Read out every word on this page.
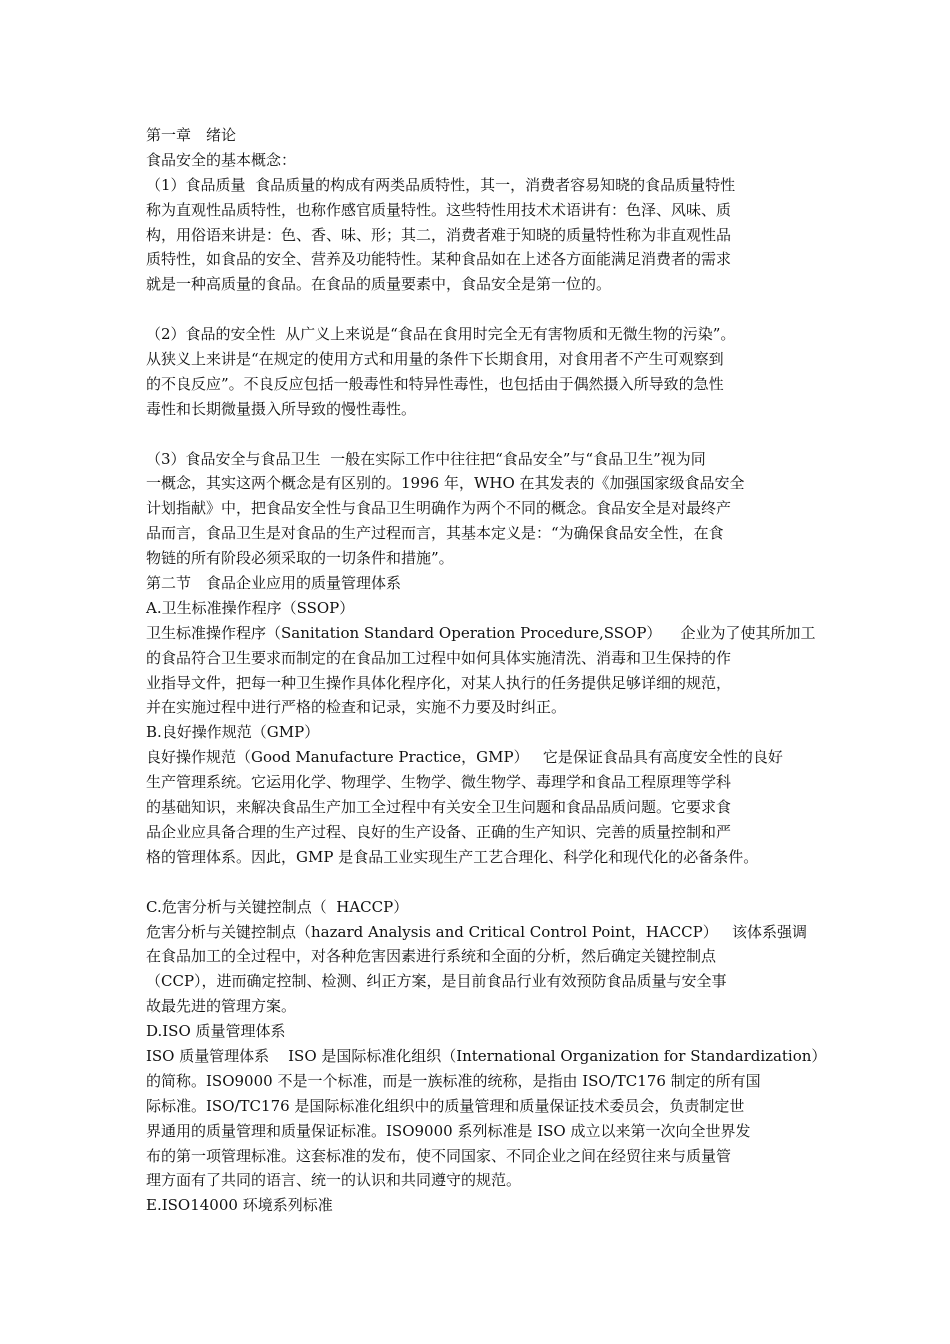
第一章　绪论
食品安全的基本概念：
（1）食品质量  食品质量的构成有两类品质特性，其一，消费者容易知晓的食品质量特性
称为直观性品质特性，也称作感官质量特性。这些特性用技术术语讲有：色泽、风味、质
构，用俗语来讲是：色、香、味、形；其二，消费者难于知晓的质量特性称为非直观性品
质特性，如食品的安全、营养及功能特性。某种食品如在上述各方面能满足消费者的需求
就是一种高质量的食品。在食品的质量要素中，食品安全是第一位的。
（2）食品的安全性  从广义上来说是“食品在食用时完全无有害物质和无微生物的污染”。
从狭义上来讲是“在规定的使用方式和用量的条件下长期食用，对食用者不产生可观察到
的不良反应”。不良反应包括一般毒性和特异性毒性，也包括由于偶然摄入所导致的急性
毒性和长期微量摄入所导致的慢性毒性。
（3）食品安全与食品卫生  一般在实际工作中往往把“食品安全”与“食品卫生”视为同
一概念，其实这两个概念是有区别的。1996 年，WHO 在其发表的《加强国家级食品安全
计划指献》中，把食品安全性与食品卫生明确作为两个不同的概念。食品安全是对最终产
品而言，食品卫生是对食品的生产过程而言，其基本定义是：“为确保食品安全性，在食
物链的所有阶段必须采取的一切条件和措施”。
第二节　食品企业应用的质量管理体系
A.卫生标准操作程序（SSOP）
卫生标准操作程序（Sanitation Standard Operation Procedure,SSOP）    企业为了使其所加工
的食品符合卫生要求而制定的在食品加工过程中如何具体实施清洗、消毒和卫生保持的作
业指导文件，把每一种卫生操作具体化程序化，对某人执行的任务提供足够详细的规范，
并在实施过程中进行严格的检查和记录，实施不力要及时纠正。
B.良好操作规范（GMP）
良好操作规范（Good Manufacture Practice，GMP）   它是保证食品具有高度安全性的良好
生产管理系统。它运用化学、物理学、生物学、微生物学、毒理学和食品工程原理等学科
的基础知识，来解决食品生产加工全过程中有关安全卫生问题和食品品质问题。它要求食
品企业应具备合理的生产过程、良好的生产设备、正确的生产知识、完善的质量控制和严
格的管理体系。因此，GMP 是食品工业实现生产工艺合理化、科学化和现代化的必备条件。
C.危害分析与关键控制点（  HACCP）
危害分析与关键控制点（hazard Analysis and Critical Control Point，HACCP）   该体系强调
在食品加工的全过程中，对各种危害因素进行系统和全面的分析，然后确定关键控制点
（CCP），进而确定控制、检测、纠正方案，是目前食品行业有效预防食品质量与安全事
故最先进的管理方案。
D.ISO 质量管理体系
ISO 质量管理体系    ISO 是国际标准化组织（International Organization for Standardization）
的简称。ISO9000 不是一个标准，而是一族标准的统称，是指由 ISO/TC176 制定的所有国
际标准。ISO/TC176 是国际标准化组织中的质量管理和质量保证技术委员会，负责制定世
界通用的质量管理和质量保证标准。ISO9000 系列标准是 ISO 成立以来第一次向全世界发
布的第一项管理标准。这套标准的发布，使不同国家、不同企业之间在经贸往来与质量管
理方面有了共同的语言、统一的认识和共同遵守的规范。
E.ISO14000 环境系列标准
